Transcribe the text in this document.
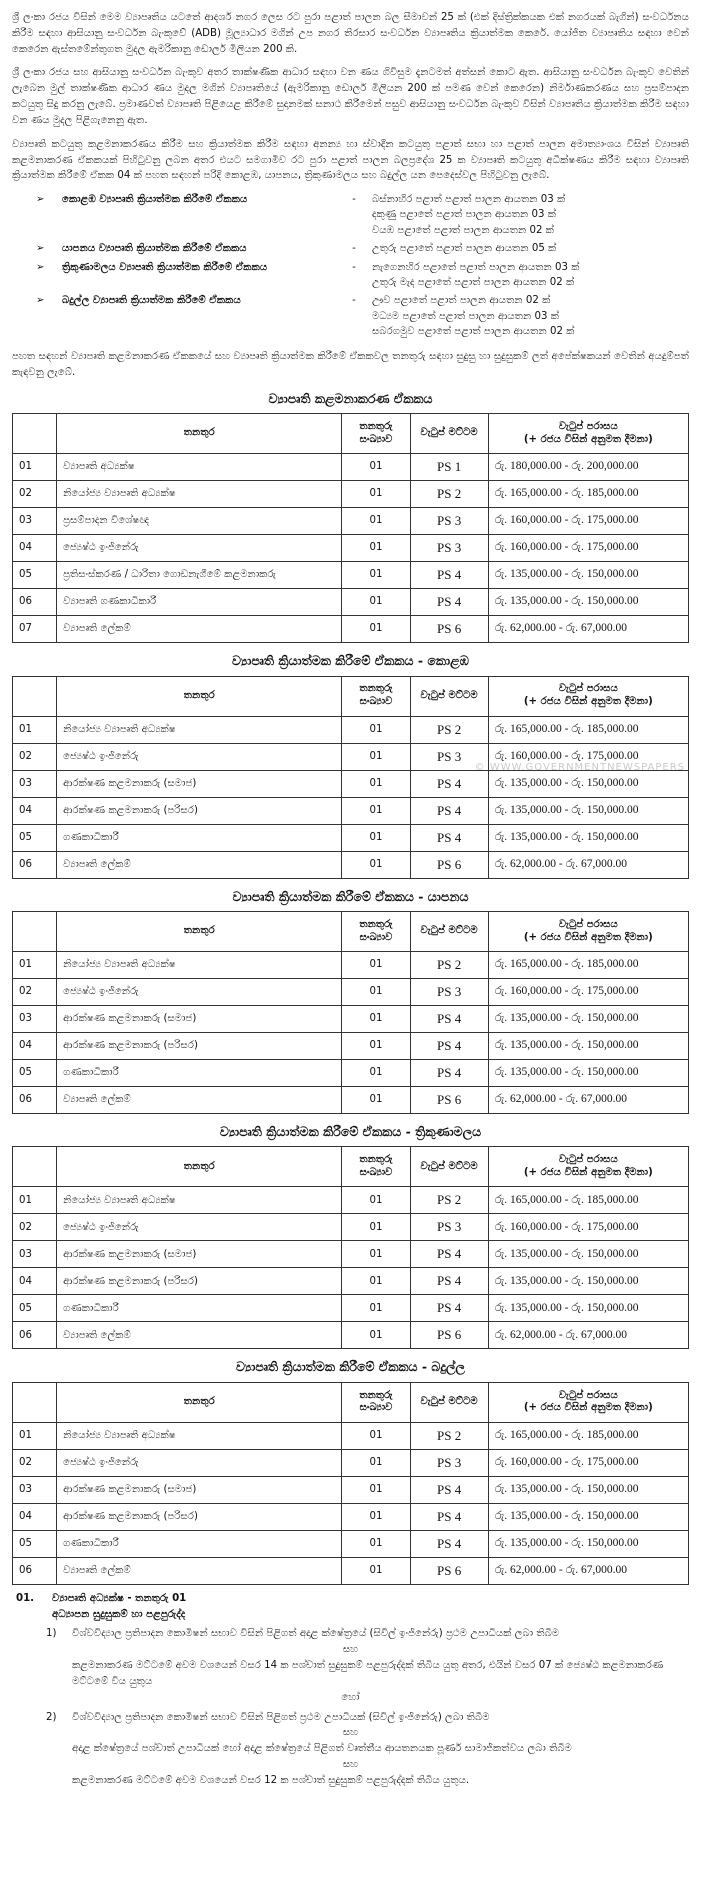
ශ්‍රී ලංකා රජය විසින් මෙම ව්‍යාපෘතිය යටතේ ආදර්ශ නගර ලෙස රට පුරා පළාත් පාලන බල සීමාවන් 25 ක් (එක් දිස්ත්‍රික්කයක එක් නගරයක් බැගින්) සංවර්ධනය කිරීම සඳහා ආසියානු සංවර්ධන බැංකුවේ (ADB) මූල්‍යාධාර මගින් උප නගර තිරසාර සංවර්ධන ව්‍යාපෘතිය ක්‍රියාත්මක කෙරේ. යෝජිත ව්‍යාපෘතිය සඳහා වෙන් කෙරෙන ඇස්තමේන්තුගත මුදල ඇමරිකානු ඩොලර් මිලියන 200 කි.

ශ්‍රී ලංකා රජය සහ ආසියානු සංවර්ධන බැංකුව අතර තාක්ෂණික ආධාර සඳහා වන ණය ගිවිසුම දැනටමත් අත්සන් කොට ඇත. ආසියානු සංවර්ධන බැංකුව වෙතින් ලැබෙන මුල් තාක්ෂණික ආධාර ණය මුදල මගින් ව්‍යාපෘතියේ (ඇමරිකානු ඩොලර් මිලියන 200 ක් පමණ වෙන් කෙරෙන) නිර්මාණකරණය සහ ප්‍රසම්පාදන කටයුතු සිදු කරනු ලැබේ. ප්‍රමාණවත් ව්‍යාපෘති පිළියෙළ කිරීමේ සුදානමක් සනාථ කිරීමෙන් පසුව ආසියානු සංවර්ධන බැංකුව විසින් ව්‍යාපෘතිය ක්‍රියාත්මක කිරීම සඳහා වන ණය මුදල පිළිගැනෙනු ඇත.

ව්‍යාපෘති කටයුතු කළමනාකරණය කිරීම සහ ක්‍රියාත්මක කිරීම සඳහා අනන්‍ය හා ස්වාදීන කටයුතු පළාත් සභා හා පළාත් පාලන අමාත්‍යාංශය විසින් ව්‍යාපෘති කළමනාකරණ ඒකකයක් පිහිටුවනු ලබන අතර එයට සමගාමීව රට පුරා පළාත් පාලන බලප්‍රදේශ 25 ක ව්‍යාපෘති කටයුතු අධීක්ෂණය කිරීම සඳහා ව්‍යාපෘති ක්‍රියාත්මක කිරීමේ ඒකක 04 ක් පහත සඳහන් පරිදි කොළඹ, යාපනය, ත්‍රිකුණාමලය සහ බදුල්ල යන පෙදෙස්වල පිහිටුවනු ලැබේ.

➢	කොළඹ ව්‍යාපෘති ක්‍රියාත්මක කිරීමේ ඒකකය	-	බස්නාහිර පළාත් පළාත් පාලන ආයතන 03 ක්
දකුණු පළාතේ පළාත් පාලන ආයතන 03 ක්
වයඹ පළාතේ පළාත් පාලන ආයතන 02 ක්
➢	යාපනය ව්‍යාපෘති ක්‍රියාත්මක කිරීමේ ඒකකය	-	උතුරු පළාතේ පළාත් පාලන ආයතන 05 ක්
➢	ත්‍රිකුණාමලය ව්‍යාපෘති ක්‍රියාත්මක කිරීමේ ඒකකය	-	නැගෙනහිර පළාතේ පළාත් පාලන ආයතන 03 ක්
උතුරු මැද පළාතේ පළාත් පාලන ආයතන 02 ක්
➢	බදුල්ල ව්‍යාපෘති ක්‍රියාත්මක කිරීමේ ඒකකය	-	ඌව පළාතේ පළාත් පාලන ආයතන 02 ක්
මධ්‍යම පළාතේ පළාත් පාලන ආයතන 03 ක්
සබරගමුව පළාතේ පළාත් පාලන ආයතන 02 ක්

පහත සඳහන් ව්‍යාපෘති කළමනාකරණ ඒකකයේ සහ ව්‍යාපෘති ක්‍රියාත්මක කිරීමේ ඒකකවල තනතුරු සඳහා සුදුසු හා සුදුසුකම් ලත් අපේක්ෂකයන් වෙතින් අයදුම්පත් කැඳවනු ලැබේ.

ව්‍යාපෘති කළමනාකරණ ඒකකය
	තනතුර	තනතුරු සංඛ්‍යාව	වැටුප් මට්ටම	වැටුප් පරාසය
(+ රජය විසින් අනුමත දීමනා)

01	ව්‍යාපෘති අධ්‍යක්ෂ	01	PS 1	රු. 180,000.00 - රු. 200,000.00
02	නියෝජ්‍ය ව්‍යාපෘති අධ්‍යක්ෂ	01	PS 2	රු. 165,000.00 - රු. 185,000.00
03	ප්‍රසම්පාදන විශේෂඥ	01	PS 3	රු. 160,000.00 - රු. 175,000.00
04	ජ්‍යෙෂ්ඨ ඉංජිනේරු	01	PS 3	රු. 160,000.00 - රු. 175,000.00
05	ප්‍රතිසංස්කරණ / ධාරිතා ගොඩනැගීමේ කළමනාකරු	01	PS 4	රු. 135,000.00 - රු. 150,000.00
06	ව්‍යාපෘති ගණකාධිකාරී	01	PS 4	රු. 135,000.00 - රු. 150,000.00
07	ව්‍යාපෘති ලේකම්	01	PS 6	රු. 62,000.00 - රු. 67,000.00
ව්‍යාපෘති ක්‍රියාත්මක කිරීමේ ඒකකය - කොළඹ
	තනතුර	තනතුරු සංඛ්‍යාව	වැටුප් මට්ටම	වැටුප් පරාසය
(+ රජය විසින් අනුමත දීමනා)

01	නියෝජ්‍ය ව්‍යාපෘති අධ්‍යක්ෂ	01	PS 2	රු. 165,000.00 - රු. 185,000.00
02	ජ්‍යෙෂ්ඨ ඉංජිනේරු	01	PS 3	රු. 160,000.00 - රු. 175,000.00
03	ආරක්ෂණ කළමනාකරු (සමාජ)	01	PS 4	රු. 135,000.00 - රු. 150,000.00
04	ආරක්ෂණ කළමනාකරු (පරිසර)	01	PS 4	රු. 135,000.00 - රු. 150,000.00
05	ගණකාධිකාරී	01	PS 4	රු. 135,000.00 - රු. 150,000.00
06	ව්‍යාපෘති ලේකම්	01	PS 6	රු. 62,000.00 - රු. 67,000.00
© WWW.GOVERNMENTNEWSPAPERS
ව්‍යාපෘති ක්‍රියාත්මක කිරීමේ ඒකකය - යාපනය
	තනතුර	තනතුරු සංඛ්‍යාව	වැටුප් මට්ටම	වැටුප් පරාසය
(+ රජය විසින් අනුමත දීමනා)

01	නියෝජ්‍ය ව්‍යාපෘති අධ්‍යක්ෂ	01	PS 2	රු. 165,000.00 - රු. 185,000.00
02	ජ්‍යෙෂ්ඨ ඉංජිනේරු	01	PS 3	රු. 160,000.00 - රු. 175,000.00
03	ආරක්ෂණ කළමනාකරු (සමාජ)	01	PS 4	රු. 135,000.00 - රු. 150,000.00
04	ආරක්ෂණ කළමනාකරු (පරිසර)	01	PS 4	රු. 135,000.00 - රු. 150,000.00
05	ගණකාධිකාරී	01	PS 4	රු. 135,000.00 - රු. 150,000.00
06	ව්‍යාපෘති ලේකම්	01	PS 6	රු. 62,000.00 - රු. 67,000.00
ව්‍යාපෘති ක්‍රියාත්මක කිරීමේ ඒකකය - ත්‍රිකුණාමලය
	තනතුර	තනතුරු සංඛ්‍යාව	වැටුප් මට්ටම	වැටුප් පරාසය
(+ රජය විසින් අනුමත දීමනා)

01	නියෝජ්‍ය ව්‍යාපෘති අධ්‍යක්ෂ	01	PS 2	රු. 165,000.00 - රු. 185,000.00
02	ජ්‍යෙෂ්ඨ ඉංජිනේරු	01	PS 3	රු. 160,000.00 - රු. 175,000.00
03	ආරක්ෂණ කළමනාකරු (සමාජ)	01	PS 4	රු. 135,000.00 - රු. 150,000.00
04	ආරක්ෂණ කළමනාකරු (පරිසර)	01	PS 4	රු. 135,000.00 - රු. 150,000.00
05	ගණකාධිකාරී	01	PS 4	රු. 135,000.00 - රු. 150,000.00
06	ව්‍යාපෘති ලේකම්	01	PS 6	රු. 62,000.00 - රු. 67,000.00
ව්‍යාපෘති ක්‍රියාත්මක කිරීමේ ඒකකය - බදුල්ල
	තනතුර	තනතුරු සංඛ්‍යාව	වැටුප් මට්ටම	වැටුප් පරාසය
(+ රජය විසින් අනුමත දීමනා)

01	නියෝජ්‍ය ව්‍යාපෘති අධ්‍යක්ෂ	01	PS 2	රු. 165,000.00 - රු. 185,000.00
02	ජ්‍යෙෂ්ඨ ඉංජිනේරු	01	PS 3	රු. 160,000.00 - රු. 175,000.00
03	ආරක්ෂණ කළමනාකරු (සමාජ)	01	PS 4	රු. 135,000.00 - රු. 150,000.00
04	ආරක්ෂණ කළමනාකරු (පරිසර)	01	PS 4	රු. 135,000.00 - රු. 150,000.00
05	ගණකාධිකාරී	01	PS 4	රු. 135,000.00 - රු. 150,000.00
06	ව්‍යාපෘති ලේකම්	01	PS 6	රු. 62,000.00 - රු. 67,000.00
01.	ව්‍යාපෘති අධ්‍යක්ෂ - තනතුරු 01
අධ්‍යාපන සුදුසුකම් හා පළපුරුද්ද
1)	විශ්වවිද්‍යාල ප්‍රතිපාදන කොමිෂන් සභාව විසින් පිළිගත් අදාළ ක්ෂේත්‍රයේ (සිවිල් ඉංජිනේරු) ප්‍රථම උපාධියක් ලබා තිබීම
සහ
කළමනාකරණ මට්ටමේ අවම වශයෙන් වසර 14 ක පශ්චාත් සුදුසුකම් පළපුරුද්දක් තිබිය යුතු අතර, එයින් වසර 07 ක් ජ්‍යෙෂ්ඨ කළමනාකරණ මට්ටමේ විය යුතුය
හෝ
2)	විශ්වවිද්‍යාල ප්‍රතිපාදන කොමිෂන් සභාව විසින් පිළිගත් ප්‍රථම උපාධියක් (සිවිල් ඉංජිනේරු) ලබා තිබීම
සහ
අදාළ ක්ෂේත්‍රයේ පශ්චාත් උපාධියක් හෝ අදාළ ක්ෂේත්‍රයේ පිළිගත් වෘත්තීය ආයතනයක පූර්ණ සාමාජිකත්වය ලබා තිබීම
සහ
කළමනාකරණ මට්ටමේ අවම වශයෙන් වසර 12 ක පශ්චාත් සුදුසුකම් පළපුරුද්දක් තිබිය යුතුය.
